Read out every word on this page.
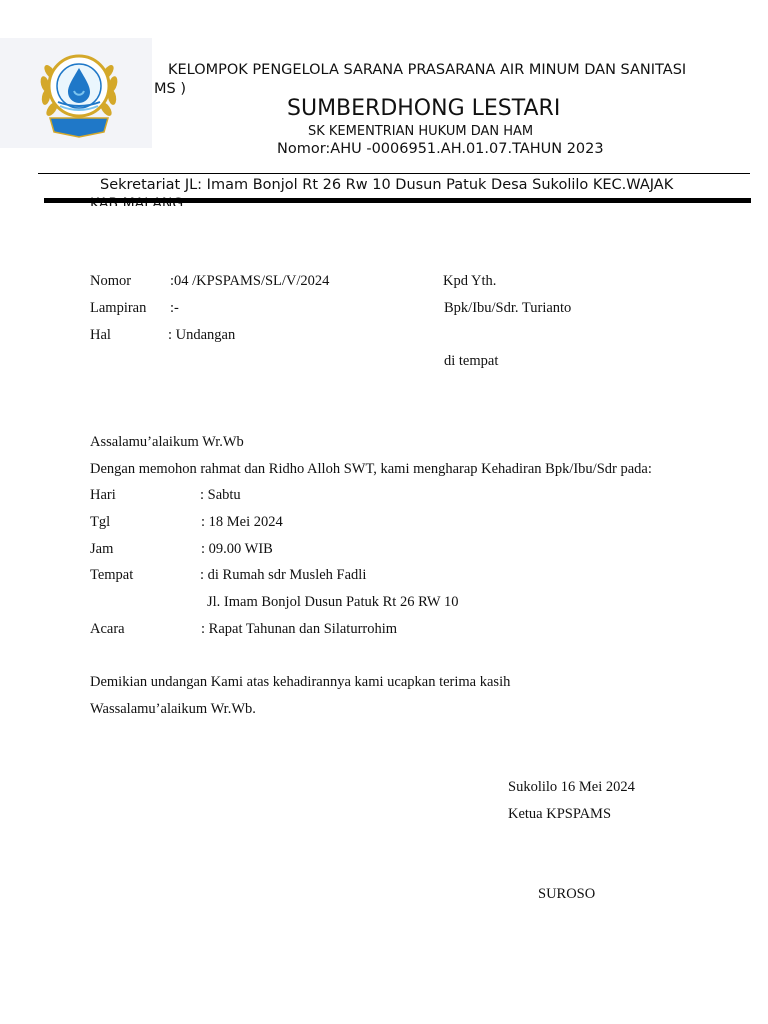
KELOMPOK PENGELOLA SARANA PRASARANA AIR MINUM DAN SANITASI
MS )
SUMBERDHONG LESTARI
SK KEMENTRIAN HUKUM DAN HAM
Nomor:AHU -0006951.AH.01.07.TAHUN 2023
Sekretariat JL: Imam Bonjol Rt 26 Rw 10 Dusun Patuk Desa Sukolilo KEC.WAJAK
Nomor	:04 /KPSPAMS/SL/V/2024
Lampiran :-
Hal	: Undangan
Kpd Yth.
Bpk/Ibu/Sdr. Turianto
di tempat
Assalamu’alaikum Wr.Wb
Dengan memohon rahmat dan Ridho Alloh SWT, kami mengharap Kehadiran Bpk/Ibu/Sdr pada:
Hari	: Sabtu
Tgl	: 18 Mei 2024
Jam	: 09.00 WIB
Tempat	: di Rumah sdr Musleh Fadli
Jl. Imam Bonjol Dusun Patuk Rt 26 RW 10
Acara	: Rapat Tahunan dan Silaturrohim
Demikian undangan Kami atas kehadirannya kami ucapkan terima kasih
Wassalamu’alaikum Wr.Wb.
Sukolilo 16 Mei 2024
Ketua KPSPAMS
SUROSO
